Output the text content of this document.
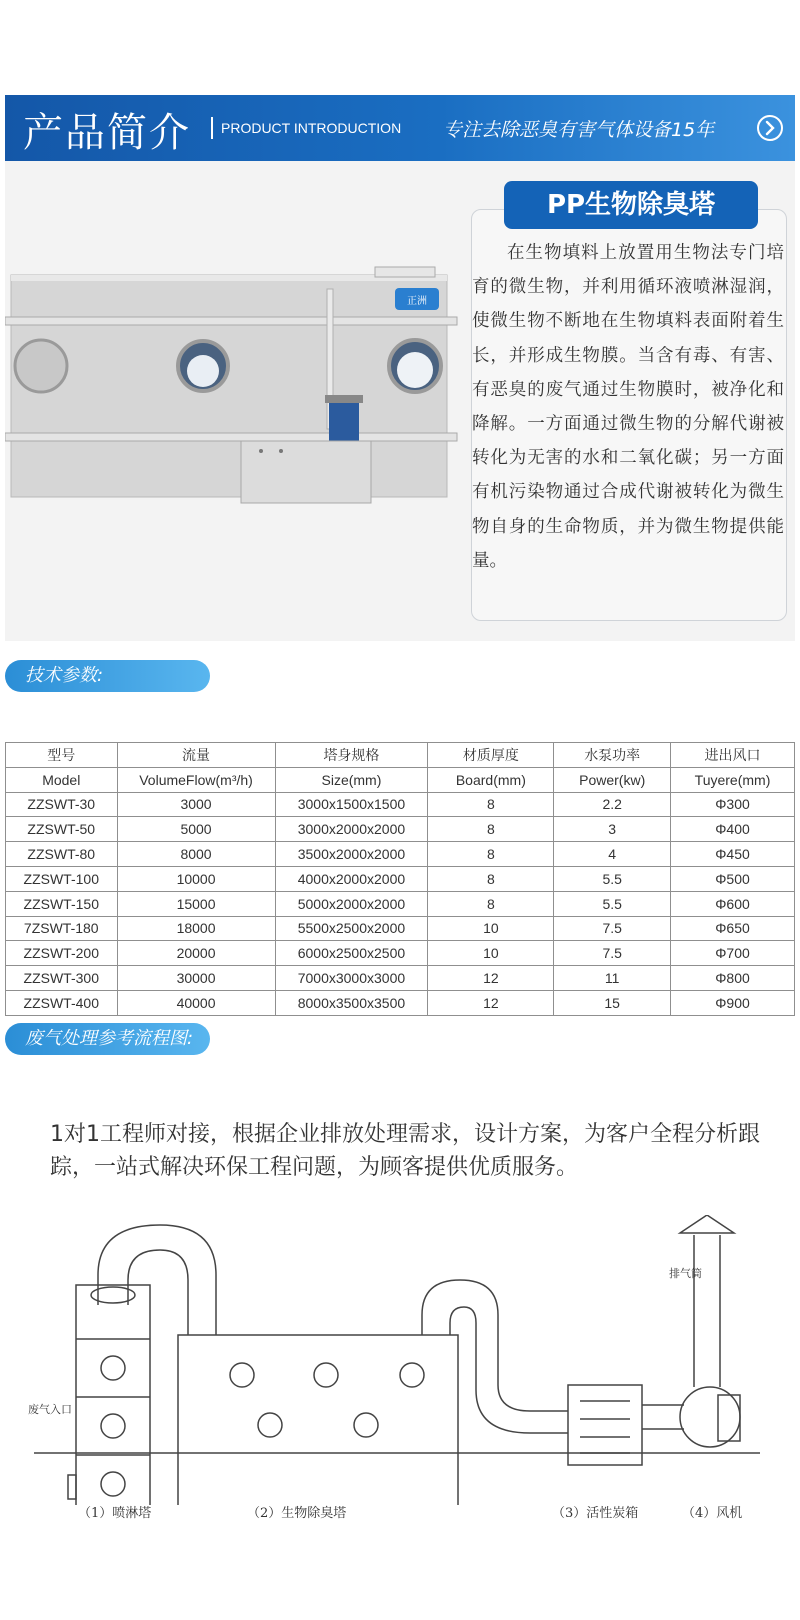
产品简介 PRODUCT INTRODUCTION 专注去除恶臭有害气体设备15年
正洲
PP生物除臭塔
在生物填料上放置用生物法专门培育的微生物，并利用循环液喷淋湿润，使微生物不断地在生物填料表面附着生长，并形成生物膜。当含有毒、有害、有恶臭的废气通过生物膜时，被净化和降解。一方面通过微生物的分解代谢被转化为无害的水和二氧化碳；另一方面有机污染物通过合成代谢被转化为微生物自身的生命物质，并为微生物提供能量。
技术参数:
型号	流量	塔身规格	材质厚度	水泵功率	进出风口
Model	VolumeFlow(m³/h)	Size(mm)	Board(mm)	Power(kw)	Tuyere(mm)
ZZSWT-30	3000	3000x1500x1500	8	2.2	Φ300
ZZSWT-50	5000	3000x2000x2000	8	3	Φ400
ZZSWT-80	8000	3500x2000x2000	8	4	Φ450
ZZSWT-100	10000	4000x2000x2000	8	5.5	Φ500
ZZSWT-150	15000	5000x2000x2000	8	5.5	Φ600
7ZSWT-180	18000	5500x2500x2000	10	7.5	Φ650
ZZSWT-200	20000	6000x2500x2500	10	7.5	Φ700
ZZSWT-300	30000	7000x3000x3000	12	11	Φ800
ZZSWT-400	40000	8000x3500x3500	12	15	Φ900
废气处理参考流程图:
1对1工程师对接，根据企业排放处理需求，设计方案，为客户全程分析跟踪，一站式解决环保工程问题，为顾客提供优质服务。
排气筒
废气入口
（1）喷淋塔	（2）生物除臭塔	（3）活性炭箱	（4）风机
